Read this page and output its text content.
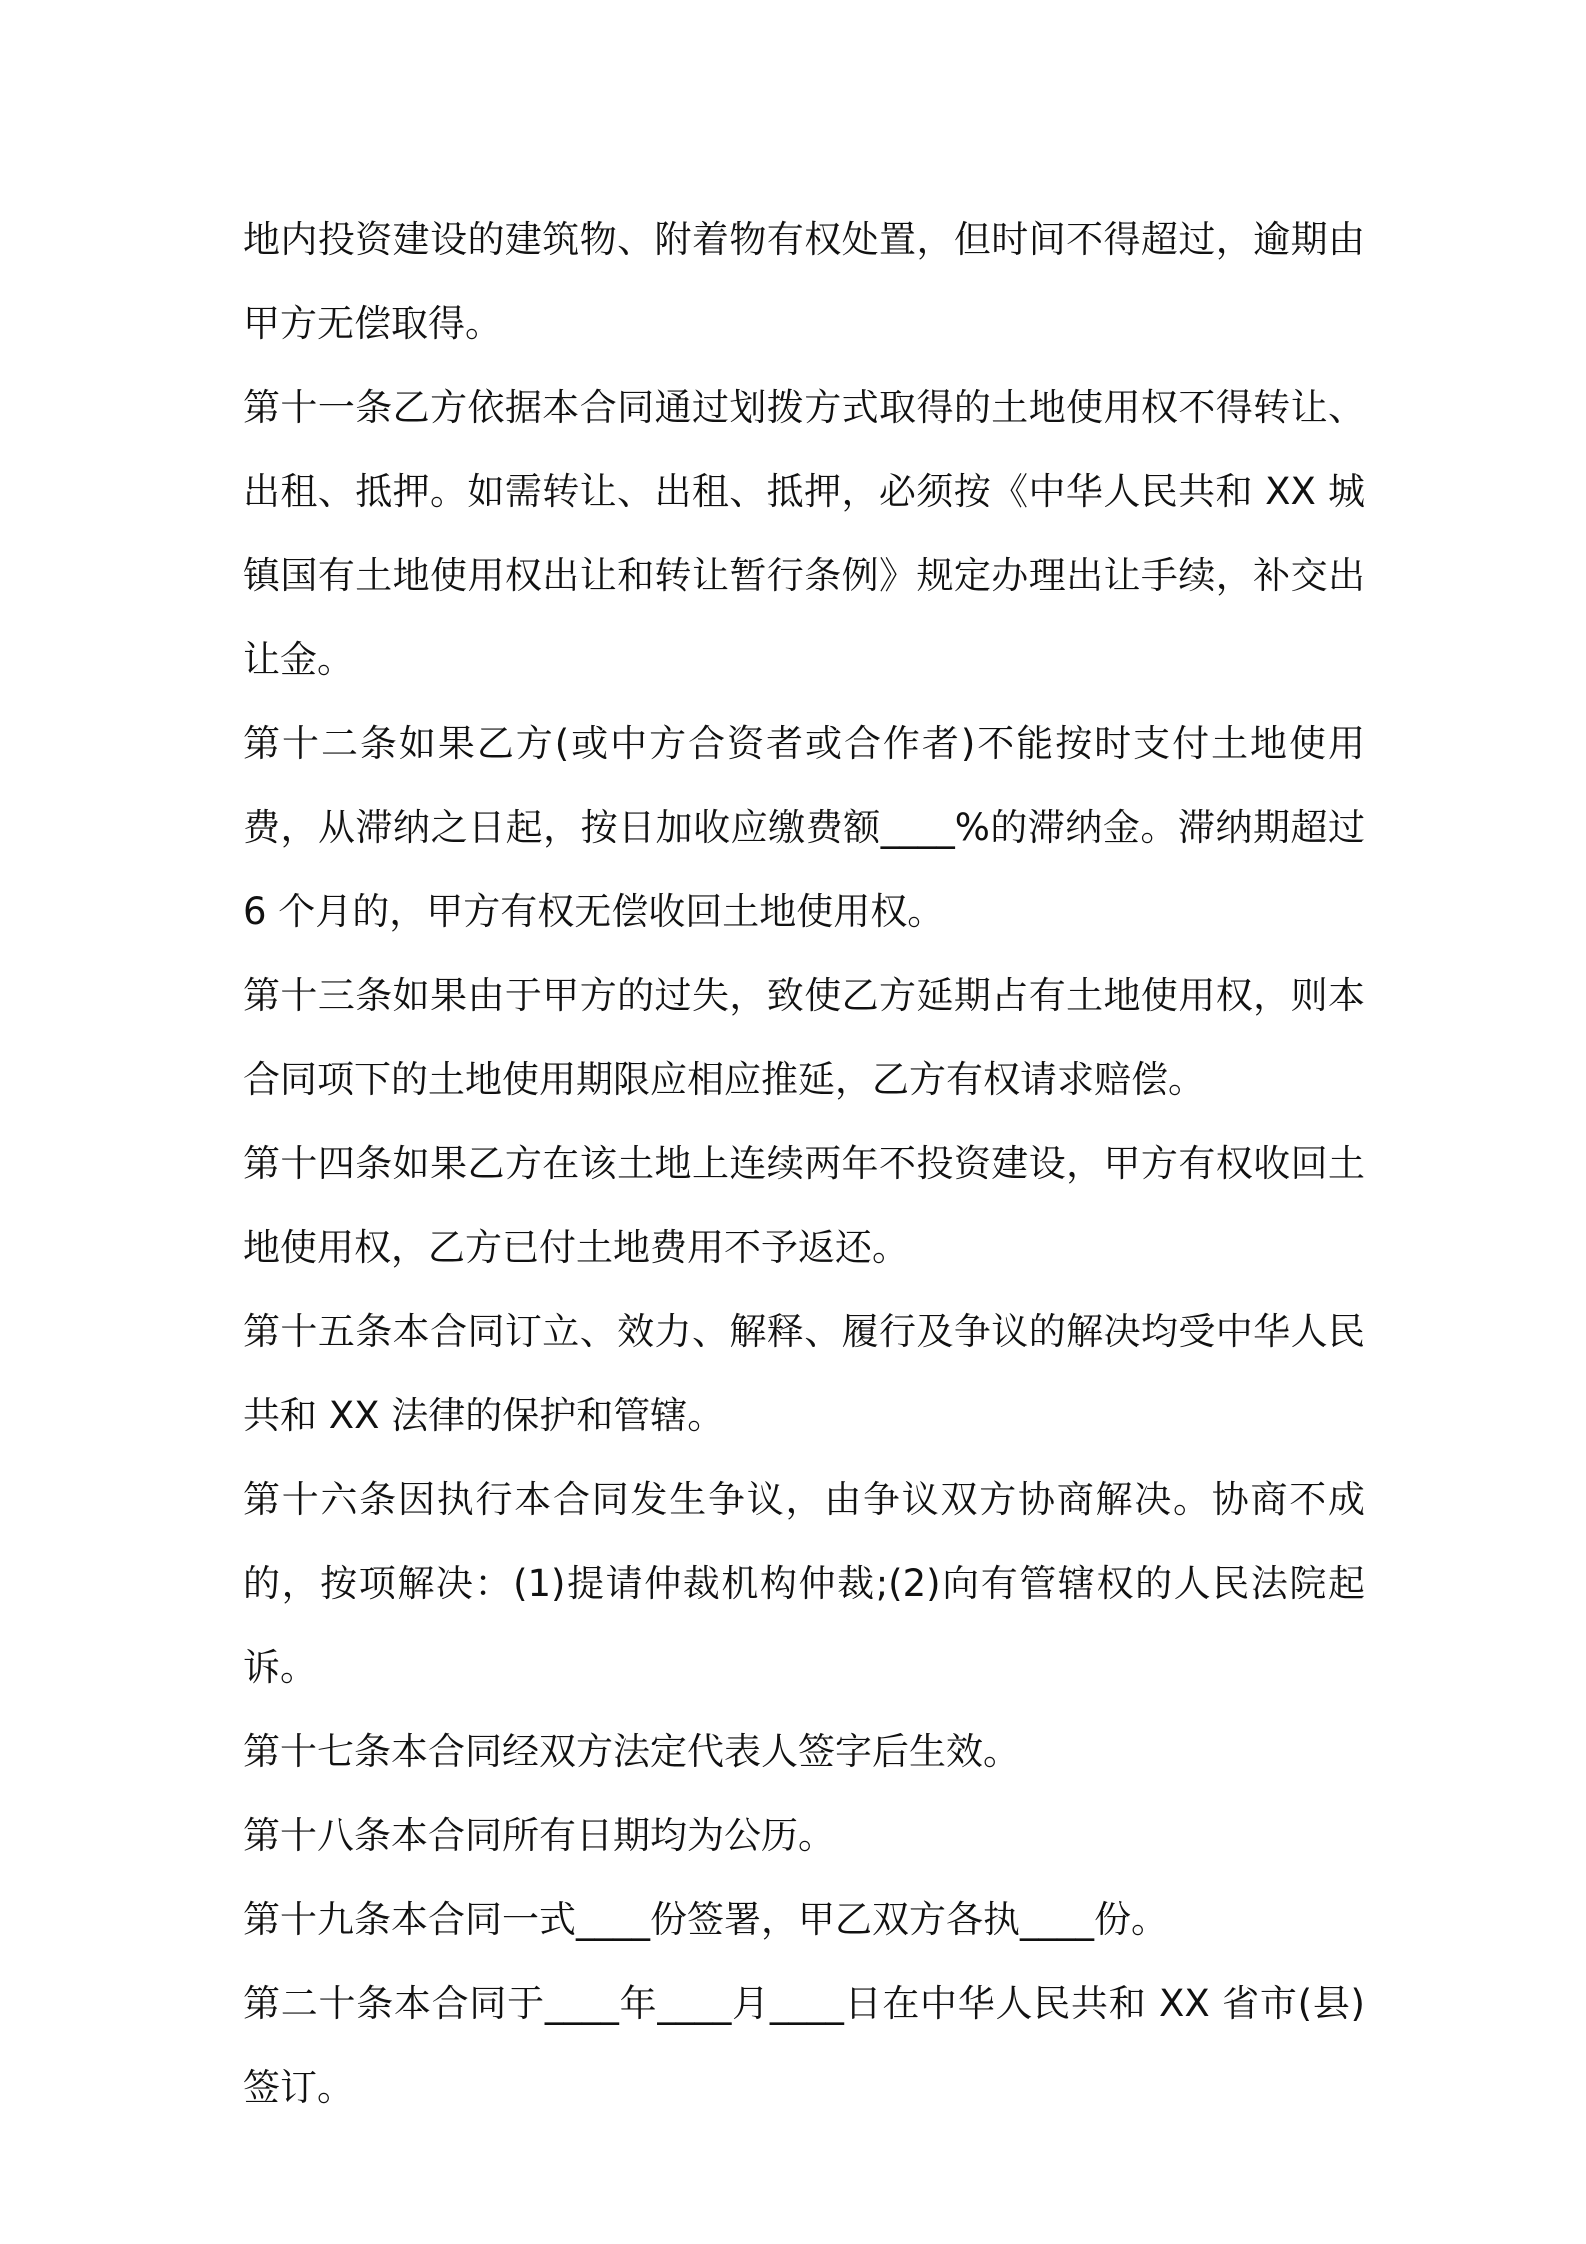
地内投资建设的建筑物、附着物有权处置，但时间不得超过，逾期由甲方无偿取得。

第十一条乙方依据本合同通过划拨方式取得的土地使用权不得转让、出租、抵押。如需转让、出租、抵押，必须按《中华人民共和 XX 城镇国有土地使用权出让和转让暂行条例》规定办理出让手续，补交出让金。

第十二条如果乙方(或中方合资者或合作者)不能按时支付土地使用费，从滞纳之日起，按日加收应缴费额____%的滞纳金。滞纳期超过 6 个月的，甲方有权无偿收回土地使用权。

第十三条如果由于甲方的过失，致使乙方延期占有土地使用权，则本合同项下的土地使用期限应相应推延，乙方有权请求赔偿。

第十四条如果乙方在该土地上连续两年不投资建设，甲方有权收回土地使用权，乙方已付土地费用不予返还。

第十五条本合同订立、效力、解释、履行及争议的解决均受中华人民共和 XX 法律的保护和管辖。

第十六条因执行本合同发生争议，由争议双方协商解决。协商不成的，按项解决：(1)提请仲裁机构仲裁;(2)向有管辖权的人民法院起诉。

第十七条本合同经双方法定代表人签字后生效。

第十八条本合同所有日期均为公历。

第十九条本合同一式____份签署，甲乙双方各执____份。

第二十条本合同于____年____月____日在中华人民共和 XX 省市(县)签订。
